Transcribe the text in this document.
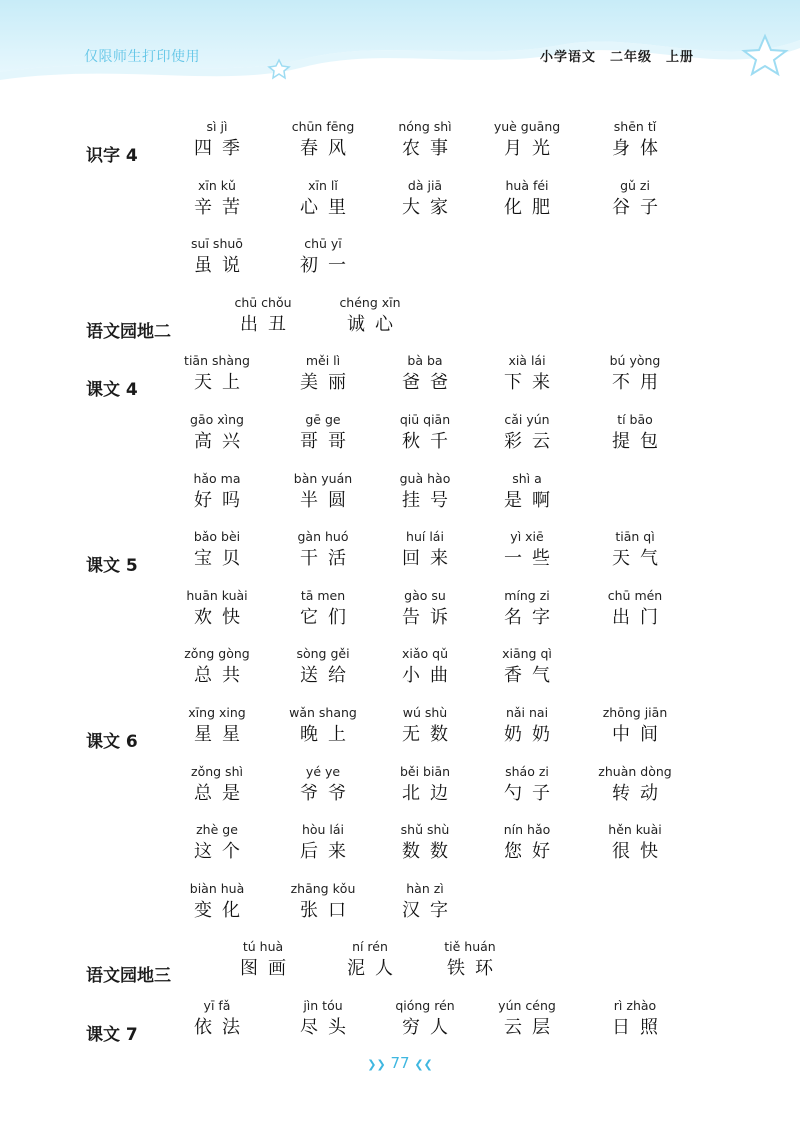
仅限师生打印使用	小学语文　二年级　上册
识字 4
sì jì
四季
chūn fēng
春风
nóng shì
农事
yuè guāng
月光
shēn tǐ
身体
xīn kǔ
辛苦
xīn lǐ
心里
dà jiā
大家
huà féi
化肥
gǔ zi
谷子
suī shuō
虽说
chū yī
初一
语文园地二
chū chǒu
出丑
chéng xīn
诚心
课文 4
tiān shàng
天上
měi lì
美丽
bà ba
爸爸
xià lái
下来
bú yòng
不用
gāo xìng
高兴
gē ge
哥哥
qiū qiān
秋千
cǎi yún
彩云
tí bāo
提包
hǎo ma
好吗
bàn yuán
半圆
guà hào
挂号
shì a
是啊
课文 5
bǎo bèi
宝贝
gàn huó
干活
huí lái
回来
yì xiē
一些
tiān qì
天气
huān kuài
欢快
tā men
它们
gào su
告诉
míng zi
名字
chū mén
出门
zǒng gòng
总共
sòng gěi
送给
xiǎo qǔ
小曲
xiāng qì
香气
课文 6
xīng xing
星星
wǎn shang
晚上
wú shù
无数
nǎi nai
奶奶
zhōng jiān
中间
zǒng shì
总是
yé ye
爷爷
běi biān
北边
sháo zi
勺子
zhuàn dòng
转动
zhè ge
这个
hòu lái
后来
shǔ shù
数数
nín hǎo
您好
hěn kuài
很快
biàn huà
变化
zhāng kǒu
张口
hàn zì
汉字
语文园地三
tú huà
图画
ní rén
泥人
tiě huán
铁环
课文 7
yī fǎ
依法
jìn tóu
尽头
qióng rén
穷人
yún céng
云层
rì zhào
日照
❯❯ 77 ❮❮
